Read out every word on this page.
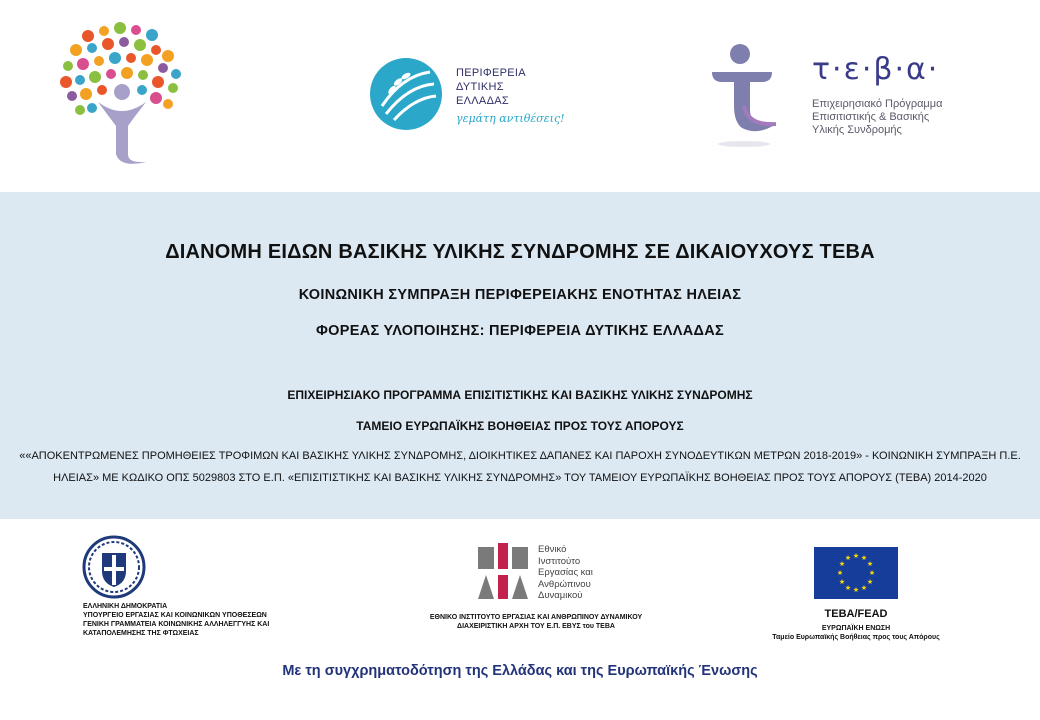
ΠΕΡΙΦΕΡΕΙΑ
ΔΥΤΙΚΗΣ
ΕΛΛΑΔΑΣ
γεμάτη αντιθέσεις!
τ·ε·β·α·
Επιχειρησιακό Πρόγραμμα
Επισιτιστικής & Βασικής
Υλικής Συνδρομής
ΔΙΑΝΟΜΗ ΕΙΔΩΝ ΒΑΣΙΚΗΣ ΥΛΙΚΗΣ ΣΥΝΔΡΟΜΗΣ ΣΕ ΔΙΚΑΙΟΥΧΟΥΣ ΤΕΒΑ
ΚΟΙΝΩΝΙΚΗ ΣΥΜΠΡΑΞΗ ΠΕΡΙΦΕΡΕΙΑΚΗΣ ΕΝΟΤΗΤΑΣ ΗΛΕΙΑΣ
ΦΟΡΕΑΣ ΥΛΟΠΟΙΗΣΗΣ: ΠΕΡΙΦΕΡΕΙΑ ΔΥΤΙΚΗΣ ΕΛΛΑΔΑΣ
ΕΠΙΧΕΙΡΗΣΙΑΚΟ ΠΡΟΓΡΑΜΜΑ ΕΠΙΣΙΤΙΣΤΙΚΗΣ ΚΑΙ ΒΑΣΙΚΗΣ ΥΛΙΚΗΣ ΣΥΝΔΡΟΜΗΣ
ΤΑΜΕΙΟ ΕΥΡΩΠΑΪΚΗΣ ΒΟΗΘΕΙΑΣ ΠΡΟΣ ΤΟΥΣ ΑΠΟΡΟΥΣ
««ΑΠΟΚΕΝΤΡΩΜΕΝΕΣ ΠΡΟΜΗΘΕΙΕΣ ΤΡΟΦΙΜΩΝ ΚΑΙ ΒΑΣΙΚΗΣ ΥΛΙΚΗΣ ΣΥΝΔΡΟΜΗΣ, ΔΙΟΙΚΗΤΙΚΕΣ ΔΑΠΑΝΕΣ ΚΑΙ ΠΑΡΟΧΗ ΣΥΝΟΔΕΥΤΙΚΩΝ ΜΕΤΡΩΝ 2018-2019» - ΚΟΙΝΩΝΙΚΗ ΣΥΜΠΡΑΞΗ Π.Ε. ΗΛΕΙΑΣ» ΜΕ ΚΩΔΙΚΟ ΟΠΣ 5029803 ΣΤΟ Ε.Π. «ΕΠΙΣΙΤΙΣΤΙΚΗΣ ΚΑΙ ΒΑΣΙΚΗΣ ΥΛΙΚΗΣ ΣΥΝΔΡΟΜΗΣ» ΤΟΥ ΤΑΜΕΙΟΥ ΕΥΡΩΠΑΪΚΗΣ ΒΟΗΘΕΙΑΣ ΠΡΟΣ ΤΟΥΣ ΑΠΟΡΟΥΣ (ΤΕΒΑ) 2014-2020
ΕΛΛΗΝΙΚΗ ΔΗΜΟΚΡΑΤΙΑ
ΥΠΟΥΡΓΕΙΟ ΕΡΓΑΣΙΑΣ ΚΑΙ ΚΟΙΝΩΝΙΚΩΝ ΥΠΟΘΕΣΕΩΝ
ΓΕΝΙΚΗ ΓΡΑΜΜΑΤΕΙΑ ΚΟΙΝΩΝΙΚΗΣ ΑΛΛΗΛΕΓΓΥΗΣ ΚΑΙ
ΚΑΤΑΠΟΛΕΜΗΣΗΣ ΤΗΣ ΦΤΩΧΕΙΑΣ
Εθνικό
Ινστιτούτο
Εργασίας και
Ανθρώπινου
Δυναμικού
ΕΘΝΙΚΟ ΙΝΣΤΙΤΟΥΤΟ ΕΡΓΑΣΙΑΣ ΚΑΙ ΑΝΘΡΩΠΙΝΟΥ ΔΥΝΑΜΙΚΟΥ
ΔΙΑΧΕΙΡΙΣΤΙΚΗ ΑΡΧΗ ΤΟΥ Ε.Π. ΕΒΥΣ του ΤΕΒΑ
★ ★
★
★
★
★
★
★
★
★
★
★
ΤΕΒΑ/FEAD
ΕΥΡΩΠΑΪΚΗ ΕΝΩΣΗ
Ταμείο Ευρωπαϊκής Βοήθειας προς τους Απόρους
Με τη συγχρηματοδότηση της Ελλάδας και της Ευρωπαϊκής Ένωσης
